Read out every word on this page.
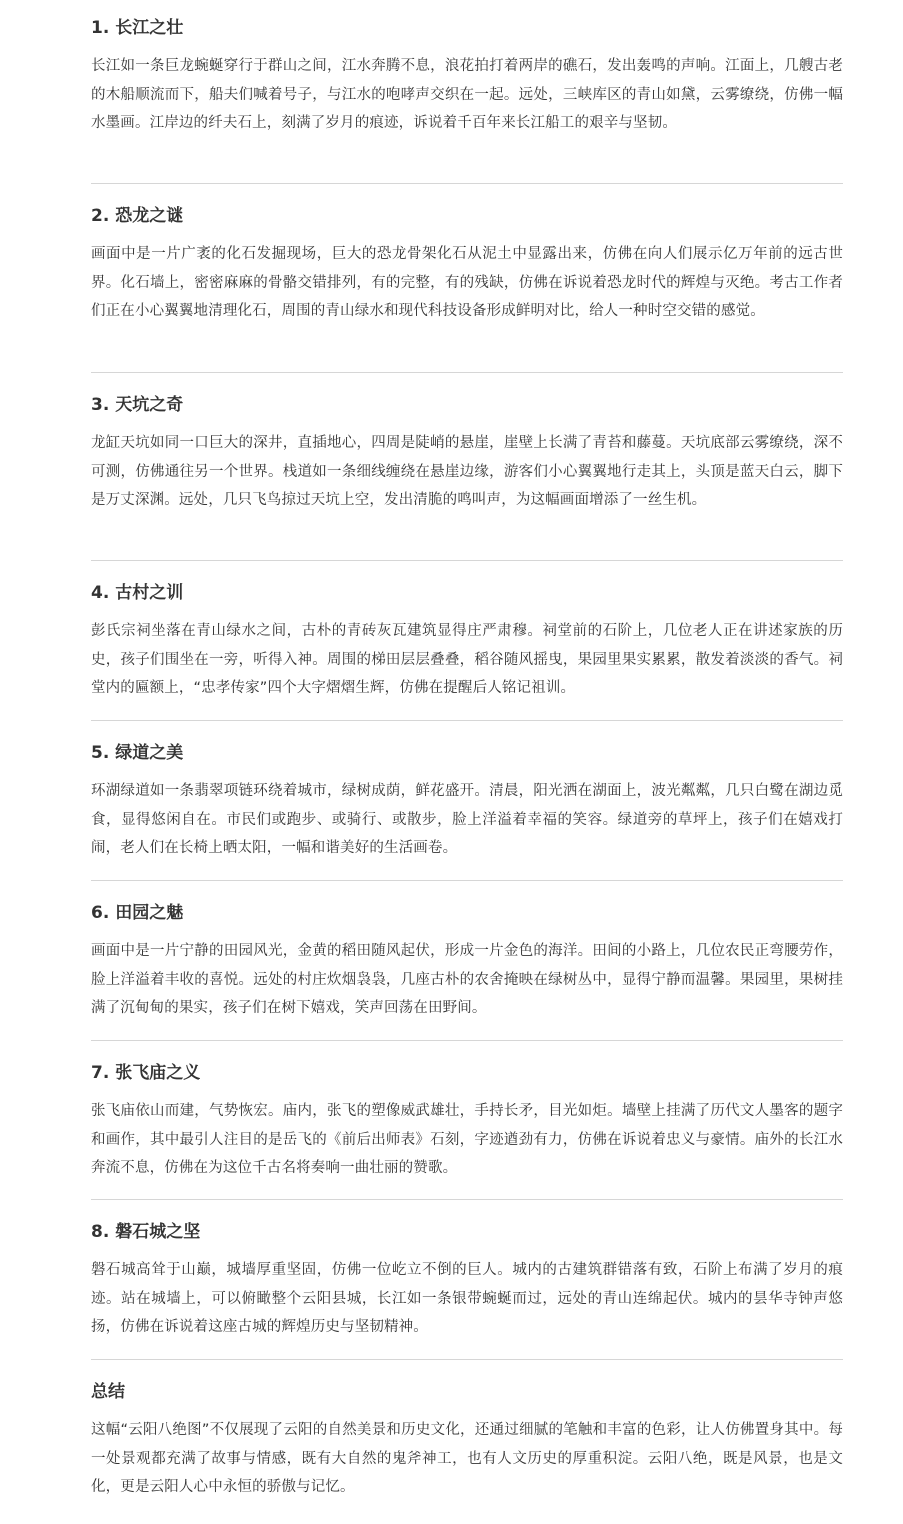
1. 长江之壮

长江如一条巨龙蜿蜒穿行于群山之间，江水奔腾不息，浪花拍打着两岸的礁石，发出轰鸣的声响。江面上，几艘古老的木船顺流而下，船夫们喊着号子，与江水的咆哮声交织在一起。远处，三峡库区的青山如黛，云雾缭绕，仿佛一幅水墨画。江岸边的纤夫石上，刻满了岁月的痕迹，诉说着千百年来长江船工的艰辛与坚韧。

2. 恐龙之谜

画面中是一片广袤的化石发掘现场，巨大的恐龙骨架化石从泥土中显露出来，仿佛在向人们展示亿万年前的远古世界。化石墙上，密密麻麻的骨骼交错排列，有的完整，有的残缺，仿佛在诉说着恐龙时代的辉煌与灭绝。考古工作者们正在小心翼翼地清理化石，周围的青山绿水和现代科技设备形成鲜明对比，给人一种时空交错的感觉。

3. 天坑之奇

龙缸天坑如同一口巨大的深井，直插地心，四周是陡峭的悬崖，崖壁上长满了青苔和藤蔓。天坑底部云雾缭绕，深不可测，仿佛通往另一个世界。栈道如一条细线缠绕在悬崖边缘，游客们小心翼翼地行走其上，头顶是蓝天白云，脚下是万丈深渊。远处，几只飞鸟掠过天坑上空，发出清脆的鸣叫声，为这幅画面增添了一丝生机。

4. 古村之训

彭氏宗祠坐落在青山绿水之间，古朴的青砖灰瓦建筑显得庄严肃穆。祠堂前的石阶上，几位老人正在讲述家族的历史，孩子们围坐在一旁，听得入神。周围的梯田层层叠叠，稻谷随风摇曳，果园里果实累累，散发着淡淡的香气。祠堂内的匾额上，“忠孝传家”四个大字熠熠生辉，仿佛在提醒后人铭记祖训。

5. 绿道之美

环湖绿道如一条翡翠项链环绕着城市，绿树成荫，鲜花盛开。清晨，阳光洒在湖面上，波光粼粼，几只白鹭在湖边觅食，显得悠闲自在。市民们或跑步、或骑行、或散步，脸上洋溢着幸福的笑容。绿道旁的草坪上，孩子们在嬉戏打闹，老人们在长椅上晒太阳，一幅和谐美好的生活画卷。

6. 田园之魅

画面中是一片宁静的田园风光，金黄的稻田随风起伏，形成一片金色的海洋。田间的小路上，几位农民正弯腰劳作，脸上洋溢着丰收的喜悦。远处的村庄炊烟袅袅，几座古朴的农舍掩映在绿树丛中，显得宁静而温馨。果园里，果树挂满了沉甸甸的果实，孩子们在树下嬉戏，笑声回荡在田野间。

7. 张飞庙之义

张飞庙依山而建，气势恢宏。庙内，张飞的塑像威武雄壮，手持长矛，目光如炬。墙壁上挂满了历代文人墨客的题字和画作，其中最引人注目的是岳飞的《前后出师表》石刻，字迹遒劲有力，仿佛在诉说着忠义与豪情。庙外的长江水奔流不息，仿佛在为这位千古名将奏响一曲壮丽的赞歌。

8. 磐石城之坚

磐石城高耸于山巅，城墙厚重坚固，仿佛一位屹立不倒的巨人。城内的古建筑群错落有致，石阶上布满了岁月的痕迹。站在城墙上，可以俯瞰整个云阳县城，长江如一条银带蜿蜒而过，远处的青山连绵起伏。城内的昙华寺钟声悠扬，仿佛在诉说着这座古城的辉煌历史与坚韧精神。

总结

这幅“云阳八绝图”不仅展现了云阳的自然美景和历史文化，还通过细腻的笔触和丰富的色彩，让人仿佛置身其中。每一处景观都充满了故事与情感，既有大自然的鬼斧神工，也有人文历史的厚重积淀。云阳八绝，既是风景，也是文化，更是云阳人心中永恒的骄傲与记忆。
